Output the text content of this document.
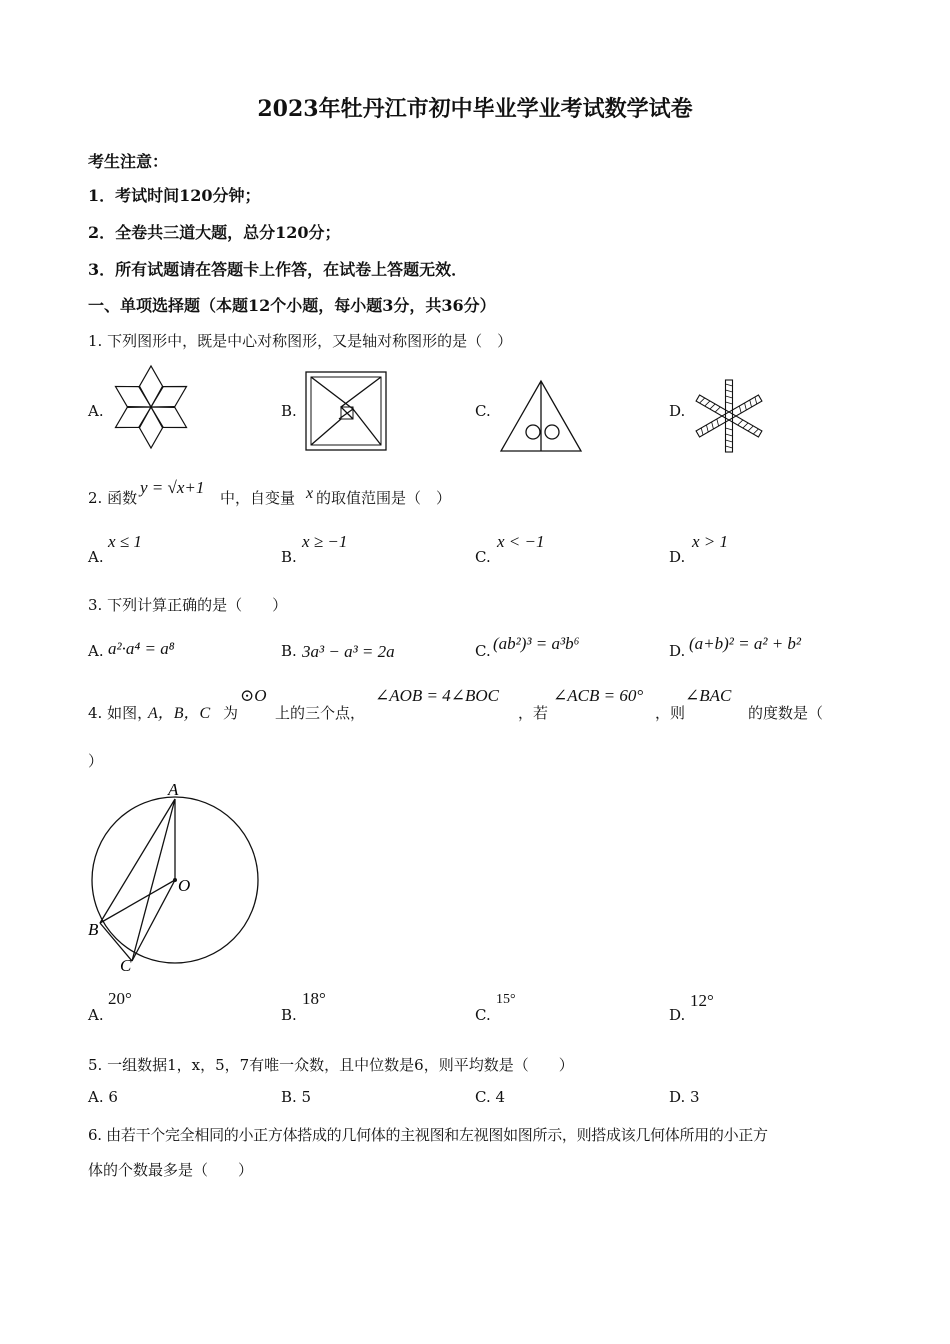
2023年牡丹江市初中毕业学业考试数学试卷
考生注意：
1．考试时间120分钟；
2．全卷共三道大题，总分120分；
3．所有试题请在答题卡上作答，在试卷上答题无效．
一、单项选择题（本题12个小题，每小题3分，共36分）
1. 下列图形中，既是中心对称图形，又是轴对称图形的是（　）
A.	B.	C.	D.
2. 函数
y = √x+1
中，自变量 x 的取值范围是（　）
A.
x ≤ 1
B.
x ≥ −1
C.
x < −1
D.
x > 1
3. 下列计算正确的是（　　）
A. a²·a⁴ = a⁸	B. 3a³ − a³ = 2a	C. (ab²)³ = a³b⁶	D. (a+b)² = a² + b²
4. 如图，
A，B，C 为
⊙O
上的三个点，
∠AOB = 4∠BOC
，若
∠ACB = 60°
，则
∠BAC
的度数是（
）
A
O
B
C
A.
20°
B.
18°
C.
15°
D.
12°
5. 一组数据1，x，5，7有唯一众数，且中位数是6，则平均数是（　　）
A. 6	B. 5	C. 4	D. 3
6. 由若干个完全相同的小正方体搭成的几何体的主视图和左视图如图所示，则搭成该几何体所用的小正方
体的个数最多是（　　）
